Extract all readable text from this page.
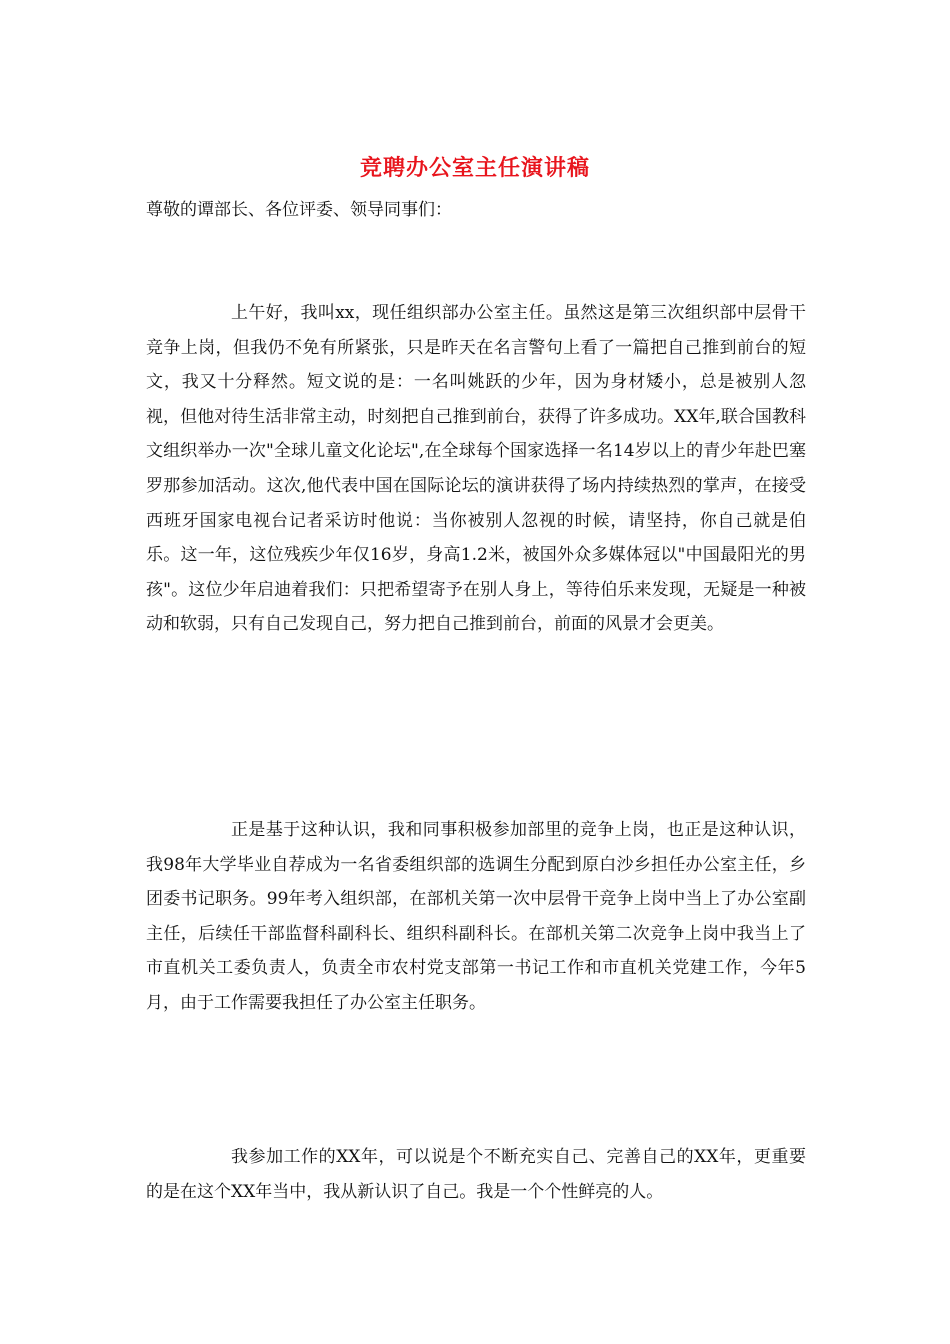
竞聘办公室主任演讲稿

尊敬的谭部长、各位评委、领导同事们：

上午好，我叫xx，现任组织部办公室主任。虽然这是第三次组织部中层骨干竞争上岗，但我仍不免有所紧张，只是昨天在名言警句上看了一篇把自己推到前台的短文，我又十分释然。短文说的是：一名叫姚跃的少年，因为身材矮小，总是被别人忽视，但他对待生活非常主动，时刻把自己推到前台，获得了许多成功。XX年,联合国教科文组织举办一次"全球儿童文化论坛",在全球每个国家选择一名14岁以上的青少年赴巴塞罗那参加活动。这次,他代表中国在国际论坛的演讲获得了场内持续热烈的掌声，在接受西班牙国家电视台记者采访时他说：当你被别人忽视的时候，请坚持，你自己就是伯乐。这一年，这位残疾少年仅16岁，身高1.2米，被国外众多媒体冠以"中国最阳光的男孩"。这位少年启迪着我们：只把希望寄予在别人身上，等待伯乐来发现，无疑是一种被动和软弱，只有自己发现自己，努力把自己推到前台，前面的风景才会更美。

正是基于这种认识，我和同事积极参加部里的竞争上岗，也正是这种认识，我98年大学毕业自荐成为一名省委组织部的选调生分配到原白沙乡担任办公室主任，乡团委书记职务。99年考入组织部，在部机关第一次中层骨干竞争上岗中当上了办公室副主任，后续任干部监督科副科长、组织科副科长。在部机关第二次竞争上岗中我当上了市直机关工委负责人，负责全市农村党支部第一书记工作和市直机关党建工作，今年5月，由于工作需要我担任了办公室主任职务。

我参加工作的XX年，可以说是个不断充实自己、完善自己的XX年，更重要的是在这个XX年当中，我从新认识了自己。我是一个个性鲜亮的人。
